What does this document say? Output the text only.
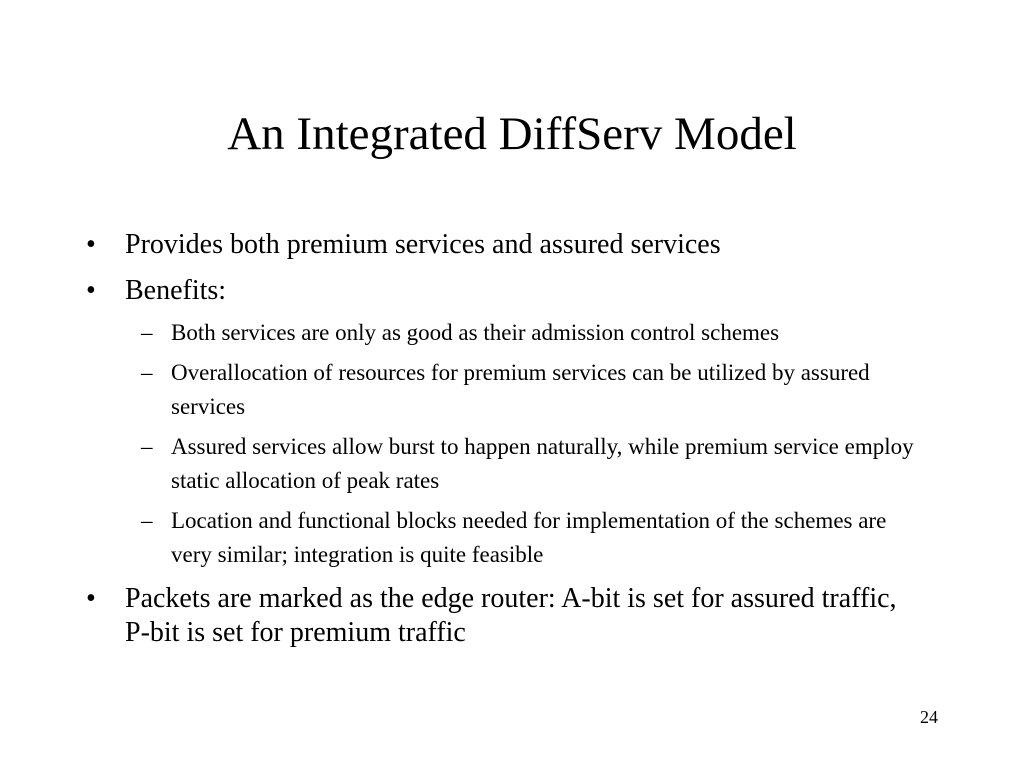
An Integrated DiffServ Model
• Provides both premium services and assured services
• Benefits:
– Both services are only as good as their admission control schemes
– Overallocation of resources for premium services can be utilized by assured services
– Assured services allow burst to happen naturally, while premium service employ static allocation of peak rates
– Location and functional blocks needed for implementation of the schemes are very similar; integration is quite feasible
• Packets are marked as the edge router: A-bit is set for assured traffic, P-bit is set for premium traffic
24
